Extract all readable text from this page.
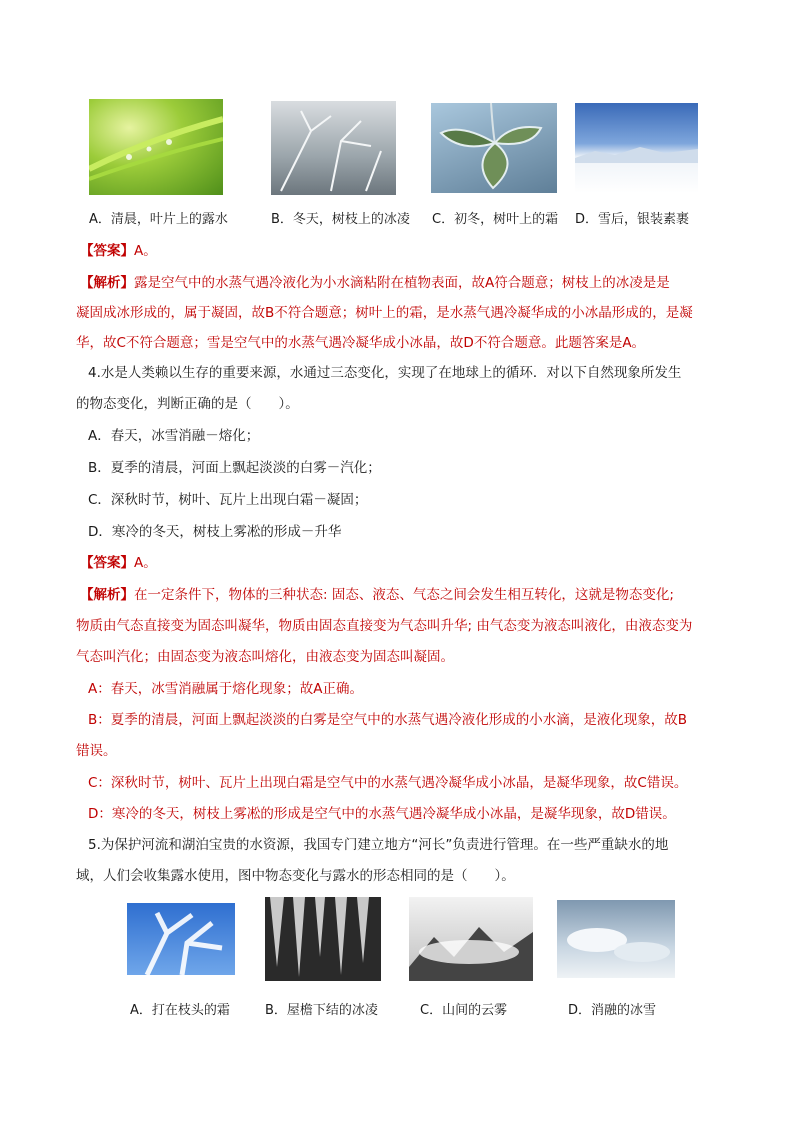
A．清晨，叶片上的露水	B．冬天，树枝上的冰凌 C．初冬，树叶上的霜 D．雪后，银装素裹
【答案】A。
【解析】露是空气中的水蒸气遇冷液化为小水滴粘附在植物表面，故A符合题意；树枝上的冰凌是是
凝固成冰形成的，属于凝固，故B不符合题意；树叶上的霜，是水蒸气遇冷凝华成的小冰晶形成的，是凝
华，故C不符合题意；雪是空气中的水蒸气遇冷凝华成小冰晶，故D不符合题意。此题答案是A。
4.水是人类赖以生存的重要来源，水通过三态变化，实现了在地球上的循环．对以下自然现象所发生
的物态变化，判断正确的是（　　）。
A．春天，冰雪消融－熔化；
B．夏季的清晨，河面上飘起淡淡的白雾－汽化；
C．深秋时节，树叶、瓦片上出现白霜－凝固；
D．寒冷的冬天，树枝上雾凇的形成－升华
【答案】A。
【解析】在一定条件下，物体的三种状态: 固态、液态、气态之间会发生相互转化，这就是物态变化;
物质由气态直接变为固态叫凝华，物质由固态直接变为气态叫升华; 由气态变为液态叫液化，由液态变为
气态叫汽化；由固态变为液态叫熔化，由液态变为固态叫凝固。
A：春天，冰雪消融属于熔化现象；故A正确。
B：夏季的清晨，河面上飘起淡淡的白雾是空气中的水蒸气遇冷液化形成的小水滴，是液化现象，故B
错误。
C：深秋时节，树叶、瓦片上出现白霜是空气中的水蒸气遇冷凝华成小冰晶，是凝华现象，故C错误。
D：寒冷的冬天，树枝上雾凇的形成是空气中的水蒸气遇冷凝华成小冰晶，是凝华现象，故D错误。
5.为保护河流和湖泊宝贵的水资源，我国专门建立地方“河长”负责进行管理。在一些严重缺水的地
域，人们会收集露水使用，图中物态变化与露水的形态相同的是（　　）。
A．打在枝头的霜	B．屋檐下结的冰凌	C．山间的云雾	D．消融的冰雪
